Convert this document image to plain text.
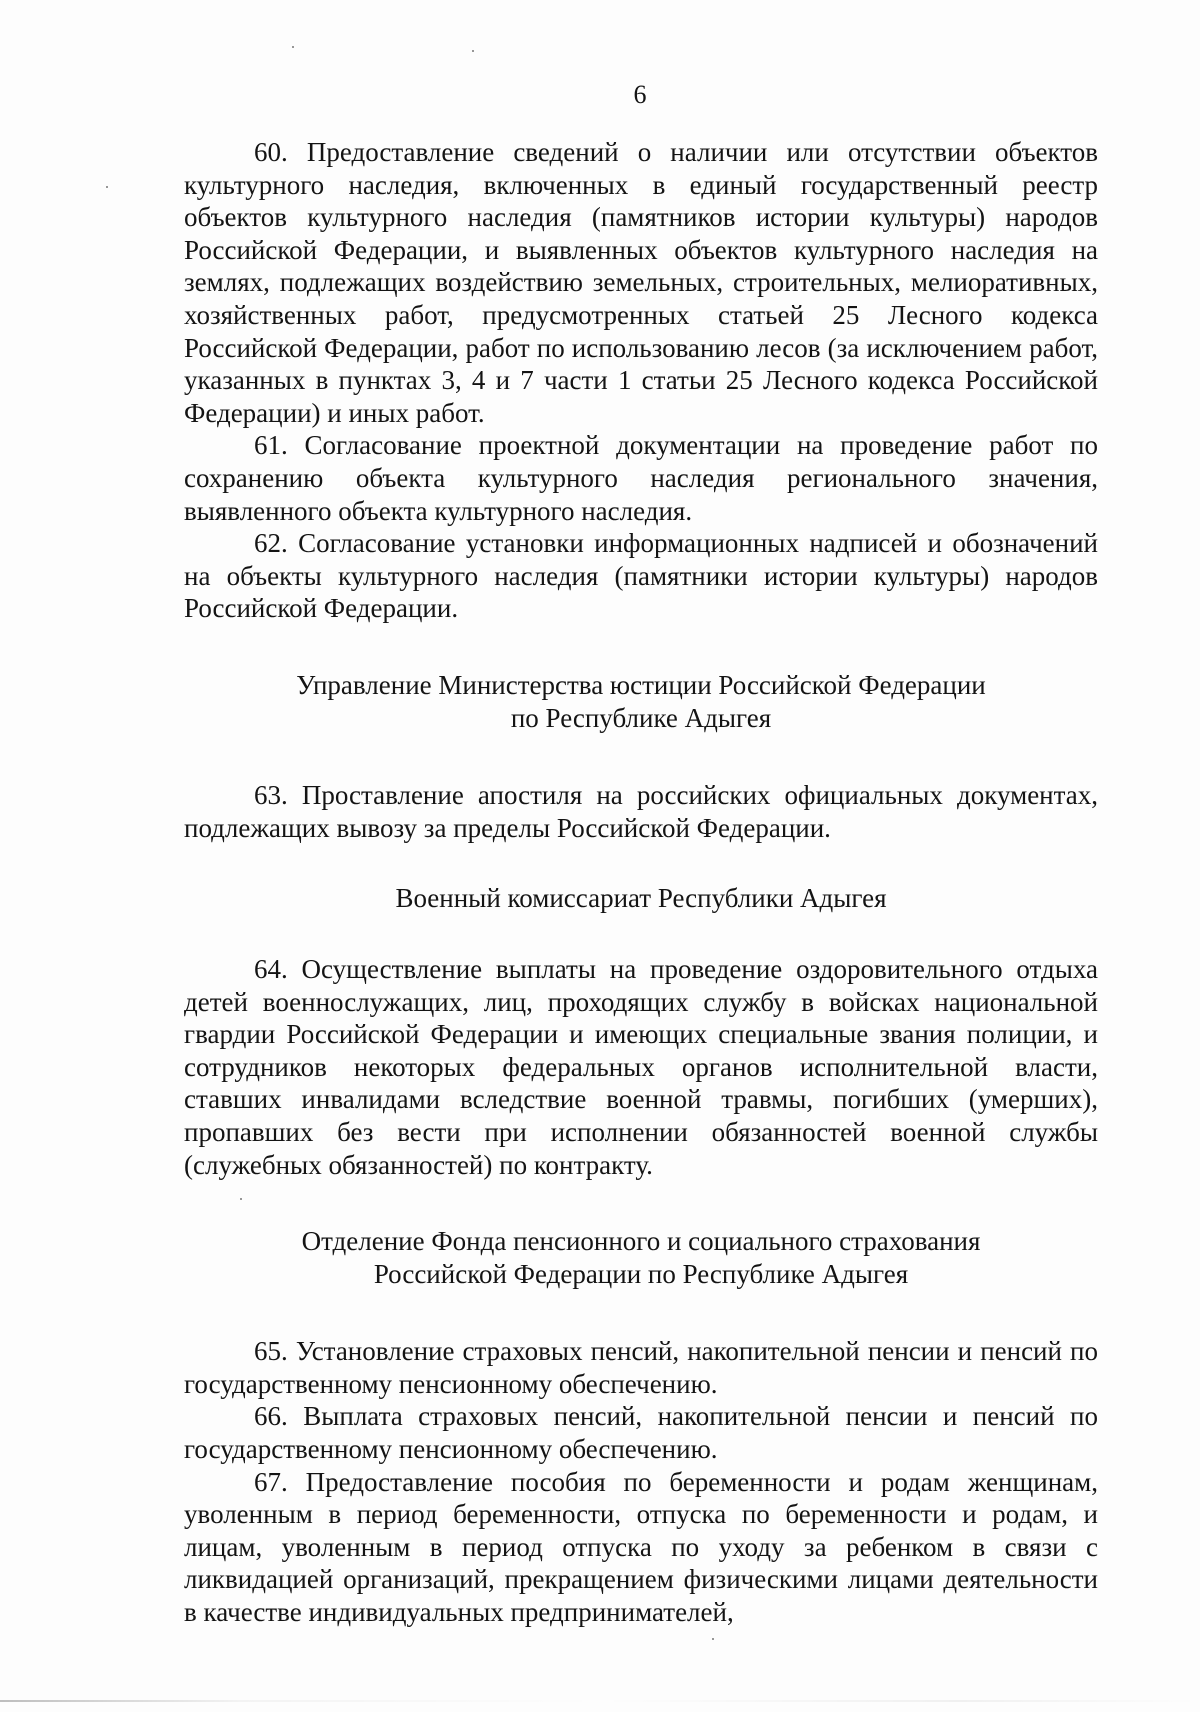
6

60. Предоставление сведений о наличии или отсутствии объектов культурного наследия, включенных в единый государственный реестр объектов культурного наследия (памятников истории культуры) народов Российской Федерации, и выявленных объектов культурного наследия на землях, подлежащих воздействию земельных, строительных, мелиоративных, хозяйственных работ, предусмотренных статьей 25 Лесного кодекса Российской Федерации, работ по использованию лесов (за исключением работ, указанных в пунктах 3, 4 и 7 части 1 статьи 25 Лесного кодекса Российской Федерации) и иных работ.

61. Согласование проектной документации на проведение работ по сохранению объекта культурного наследия регионального значения, выявленного объекта культурного наследия.

62. Согласование установки информационных надписей и обозначений на объекты культурного наследия (памятники истории культуры) народов Российской Федерации.

Управление Министерства юстиции Российской Федерации

по Республике Адыгея

63. Проставление апостиля на российских официальных документах, подлежащих вывозу за пределы Российской Федерации.

Военный комиссариат Республики Адыгея

64. Осуществление выплаты на проведение оздоровительного отдыха детей военнослужащих, лиц, проходящих службу в войсках национальной гвардии Российской Федерации и имеющих специальные звания полиции, и сотрудников некоторых федеральных органов исполнительной власти, ставших инвалидами вследствие военной травмы, погибших (умерших), пропавших без вести при исполнении обязанностей военной службы (служебных обязанностей) по контракту.

Отделение Фонда пенсионного и социального страхования

Российской Федерации по Республике Адыгея

65. Установление страховых пенсий, накопительной пенсии и пенсий по государственному пенсионному обеспечению.

66. Выплата страховых пенсий, накопительной пенсии и пенсий по государственному пенсионному обеспечению.

67. Предоставление пособия по беременности и родам женщинам, уволенным в период беременности, отпуска по беременности и родам, и лицам, уволенным в период отпуска по уходу за ребенком в связи с ликвидацией организаций, прекращением физическими лицами деятельности в качестве индивидуальных предпринимателей,
